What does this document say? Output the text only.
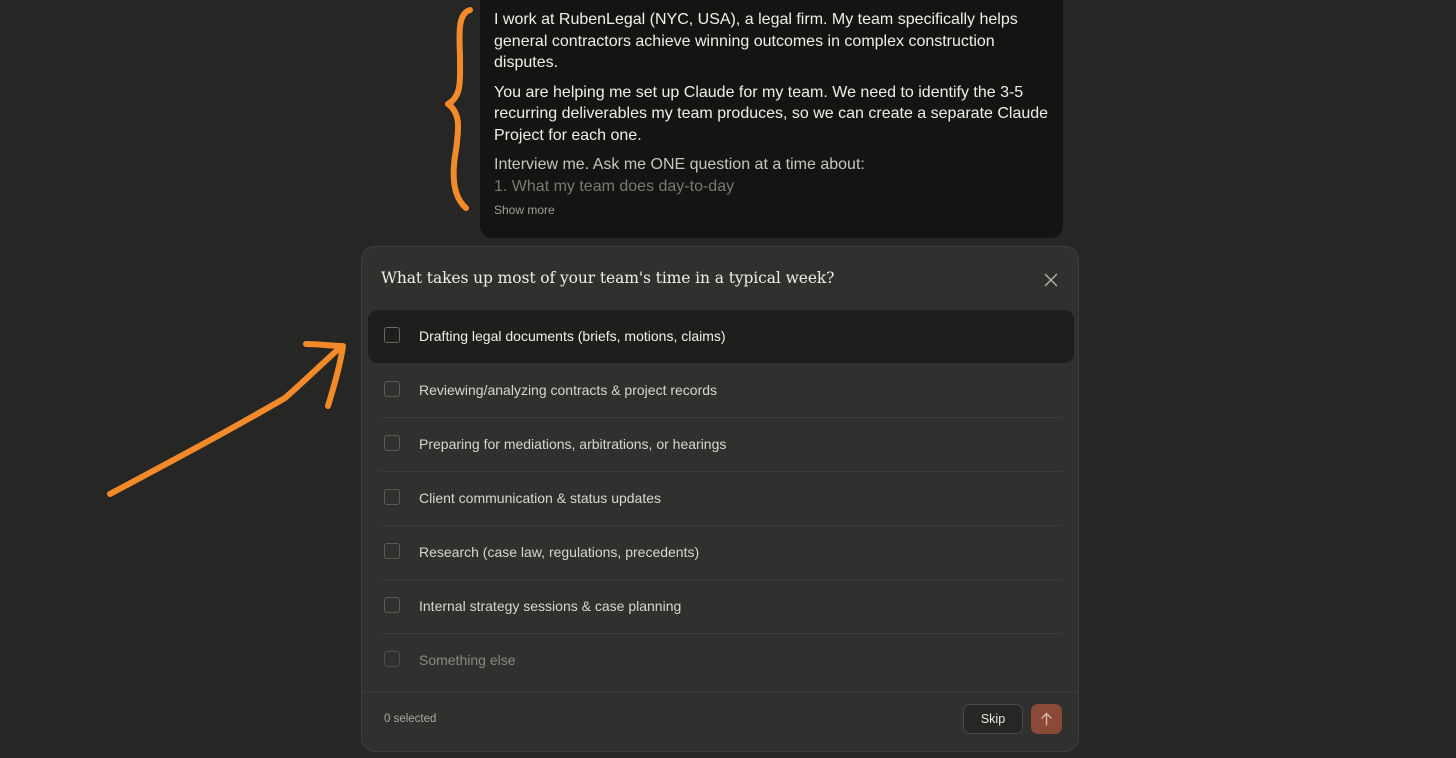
I work at RubenLegal (NYC, USA), a legal firm. My team specifically helps general contractors achieve winning outcomes in complex construction disputes.

You are helping me set up Claude for my team. We need to identify the 3-5 recurring deliverables my team produces, so we can create a separate Claude Project for each one.

Interview me. Ask me ONE question at a time about:

1. What my team does day-to-day

Show more
What takes up most of your team's time in a typical week?
Drafting legal documents (briefs, motions, claims)
Reviewing/analyzing contracts & project records
Preparing for mediations, arbitrations, or hearings
Client communication & status updates
Research (case law, regulations, precedents)
Internal strategy sessions & case planning
Something else
0 selected	Skip
